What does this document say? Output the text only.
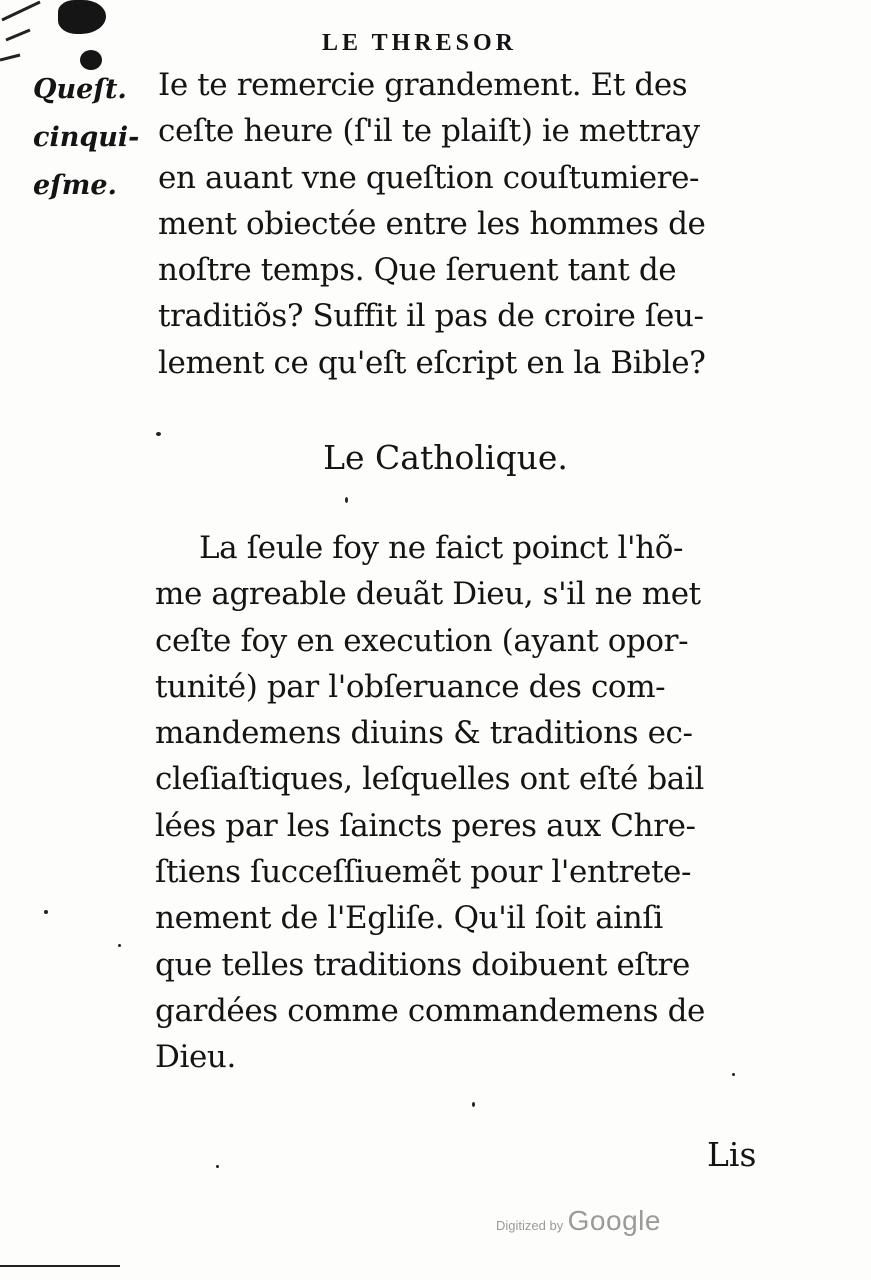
LE THRESOR
Queſt.
cinqui-
eſme.
Ie te remercie grandement. Et des
ceſte heure (ſ'il te plaiſt) ie mettray
en auant vne queſtion couſtumiere-
ment obiectée entre les hommes de
noſtre temps. Que ſeruent tant de
traditiõs? Suffit il pas de croire ſeu-
lement ce qu'eſt eſcript en la Bible?
Le Catholique.
La ſeule foy ne faict poinct l'hõ-
me agreable deuãt Dieu, s'il ne met
ceſte foy en execution (ayant opor-
tunité) par l'obſeruance des com-
mandemens diuins & traditions ec-
cleſiaſtiques, leſquelles ont eſté bail
lées par les ſaincts peres aux Chre-
ſtiens ſucceſſiuemẽt pour l'entrete-
nement de l'Egliſe. Qu'il ſoit ainſi
que telles traditions doibuent eſtre
gardées comme commandemens de
Dieu.
Lis
Digitized by Google
